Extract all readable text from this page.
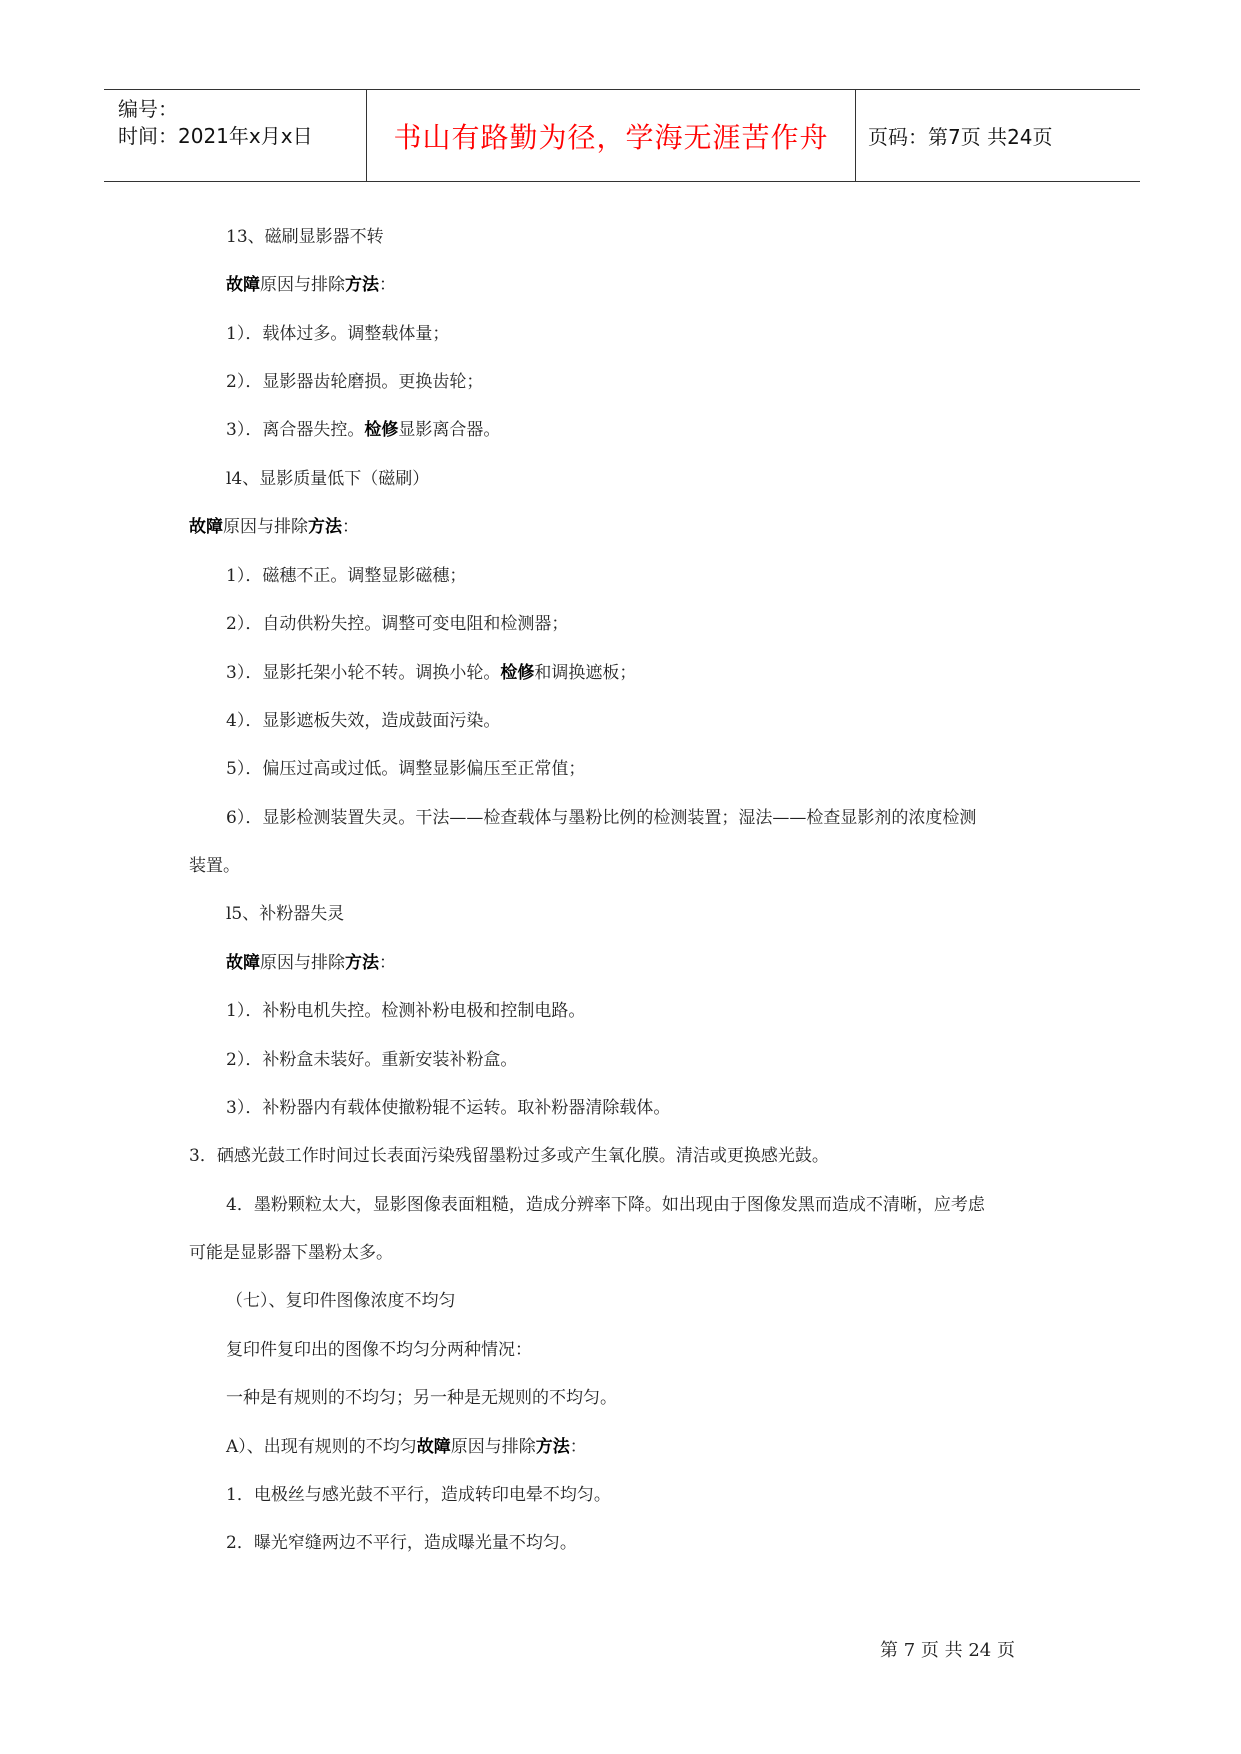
编号：
时间：2021年x月x日	书山有路勤为径，学海无涯苦作舟 页码：第7页 共24页
13、磁刷显影器不转
故障原因与排除方法：
1）．载体过多。调整载体量；
2）．显影器齿轮磨损。更换齿轮；
3）．离合器失控。检修显影离合器。
l4、显影质量低下（磁刷）
故障原因与排除方法：
1）．磁穗不正。调整显影磁穗；
2）．自动供粉失控。调整可变电阻和检测器；
3）．显影托架小轮不转。调换小轮。检修和调换遮板；
4）．显影遮板失效，造成鼓面污染。
5）．偏压过高或过低。调整显影偏压至正常值；
6）．显影检测装置失灵。干法——检查载体与墨粉比例的检测装置；湿法——检查显影剂的浓度检测
装置。
l5、补粉器失灵
故障原因与排除方法：
1）．补粉电机失控。检测补粉电极和控制电路。
2）．补粉盒未装好。重新安装补粉盒。
3）．补粉器内有载体使撤粉辊不运转。取补粉器清除载体。
3．硒感光鼓工作时间过长表面污染残留墨粉过多或产生氧化膜。清洁或更换感光鼓。
4．墨粉颗粒太大，显影图像表面粗糙，造成分辨率下降。如出现由于图像发黑而造成不清晰，应考虑
可能是显影器下墨粉太多。
（七）、复印件图像浓度不均匀
复印件复印出的图像不均匀分两种情况：
一种是有规则的不均匀；另一种是无规则的不均匀。
A）、出现有规则的不均匀故障原因与排除方法：
1．电极丝与感光鼓不平行，造成转印电晕不均匀。
2．曝光窄缝两边不平行，造成曝光量不均匀。
第 7 页 共 24 页
